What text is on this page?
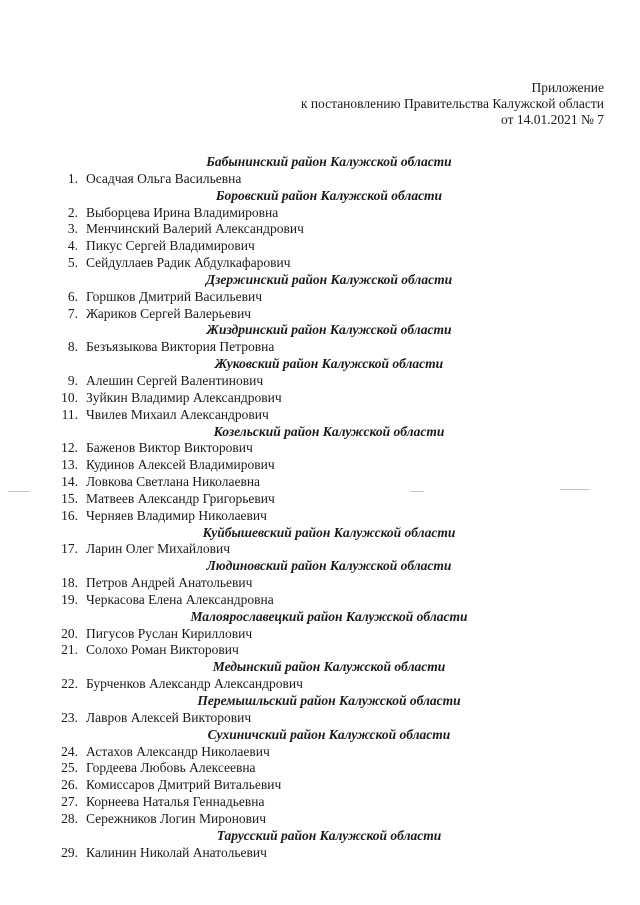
Приложение
к постановлению Правительства Калужской области
от 14.01.2021 № 7
Бабынинский район Калужской области
1. Осадчая Ольга Васильевна
Боровский район Калужской области
2. Выборцева Ирина Владимировна
3. Менчинский Валерий Александрович
4. Пикус Сергей Владимирович
5. Сейдуллаев Радик Абдулкафарович
Дзержинский район Калужской области
6. Горшков Дмитрий Васильевич
7. Жариков Сергей Валерьевич
Жиздринский район Калужской области
8. Безъязыкова Виктория Петровна
Жуковский район Калужской области
9. Алешин Сергей Валентинович
10. Зуйкин Владимир Александрович
11. Чвилев Михаил Александрович
Козельский район Калужской области
12. Баженов Виктор Викторович
13. Кудинов Алексей Владимирович
14. Ловкова Светлана Николаевна
15. Матвеев Александр Григорьевич
16. Черняев Владимир Николаевич
Куйбышевский район Калужской области
17. Ларин Олег Михайлович
Людиновский район Калужской области
18. Петров Андрей Анатольевич
19. Черкасова Елена Александровна
Малоярославецкий район Калужской области
20. Пигусов Руслан Кириллович
21. Солохо Роман Викторович
Медынский район Калужской области
22. Бурченков Александр Александрович
Перемышльский район Калужской области
23. Лавров Алексей Викторович
Сухиничский район Калужской области
24. Астахов Александр Николаевич
25. Гордеева Любовь Алексеевна
26. Комиссаров Дмитрий Витальевич
27. Корнеева Наталья Геннадьевна
28. Сережников Логин Миронович
Тарусский район Калужской области
29. Калинин Николай Анатольевич
